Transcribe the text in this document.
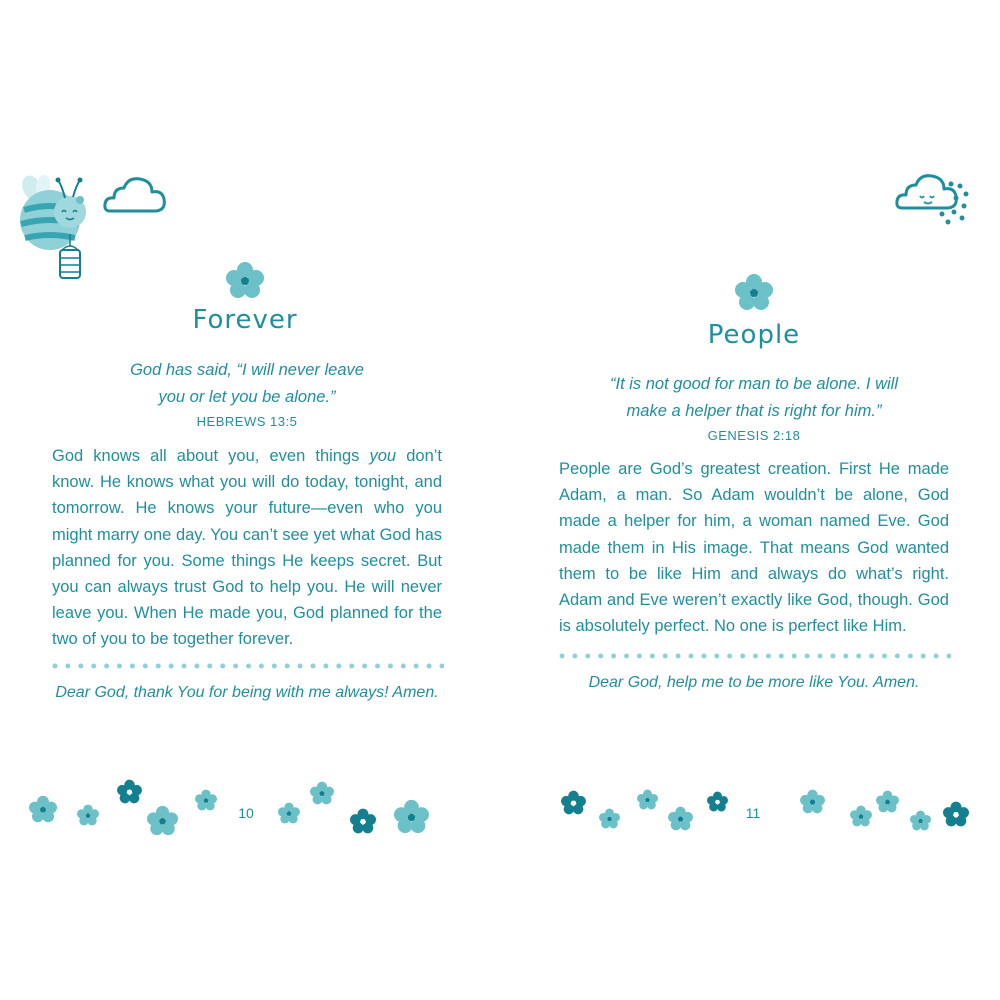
Forever

God has said, “I will never leave

you or let you be alone.”

HEBREWS 13:5

God knows all about you, even things you don’t know. He knows what you will do today, tonight, and tomorrow. He knows your future—even who you might marry one day. You can’t see yet what God has planned for you. Some things He keeps secret. But you can always trust God to help you. He will never leave you. When He made you, God planned for the two of you to be together forever.

Dear God, thank You for being with me always! Amen.

10
People

“It is not good for man to be alone. I will

make a helper that is right for him.”

GENESIS 2:18

People are God’s greatest creation. First He made Adam, a man. So Adam wouldn’t be alone, God made a helper for him, a woman named Eve. God made them in His image. That means God wanted them to be like Him and always do what’s right. Adam and Eve weren’t exactly like God, though. God is absolutely perfect. No one is perfect like Him.

Dear God, help me to be more like You. Amen.

11
